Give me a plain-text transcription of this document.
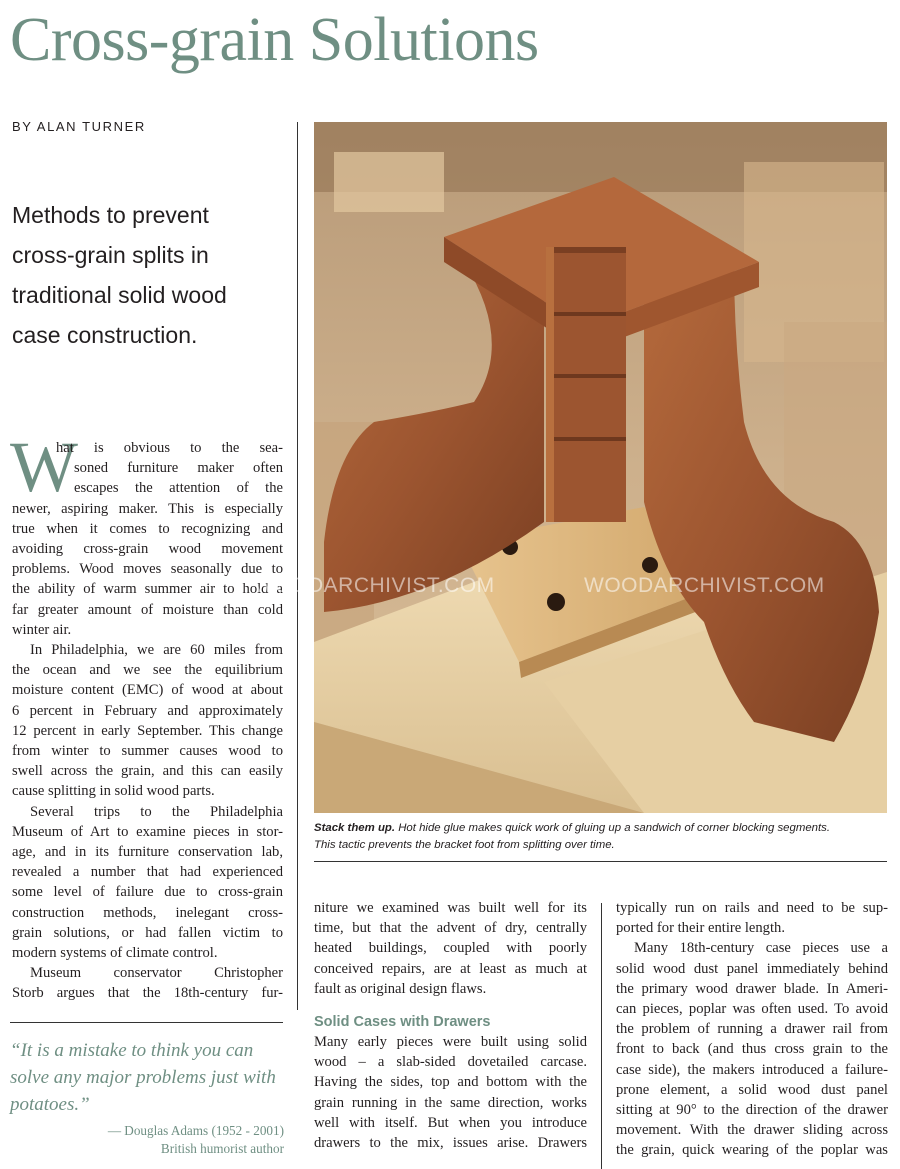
Cross-grain Solutions
BY ALAN TURNER
Methods to prevent
cross-grain splits in
traditional solid wood
case construction.
W
hat is obvious to the sea-
soned furniture maker often
escapes the attention of the
newer, aspiring maker. This is especially
true when it comes to recognizing and
avoiding cross-grain wood movement
problems. Wood moves seasonally due to
the ability of warm summer air to hold a
far greater amount of moisture than cold
winter air.
In Philadelphia, we are 60 miles from
the ocean and we see the equilibrium
moisture content (EMC) of wood at about
6 percent in February and approximately
12 percent in early September. This change
from winter to summer causes wood to
swell across the grain, and this can easily
cause splitting in solid wood parts.
Several trips to the Philadelphia
Museum of Art to examine pieces in stor-
age, and in its furniture conservation lab,
revealed a number that had experienced
some level of failure due to cross-grain
construction methods, inelegant cross-
grain solutions, or had fallen victim to
modern systems of climate control.
Museum conservator Christopher
Storb argues that the 18th-century fur-
WOODARCHIVIST.COM	WOODARCHIVIST.COM
Stack them up. Hot hide glue makes quick work of gluing up a sandwich of corner blocking segments.
This tactic prevents the bracket foot from splitting over time.
niture we examined was built well for its
time, but that the advent of dry, centrally
heated buildings, coupled with poorly
conceived repairs, are at least as much at
fault as original design flaws.
Solid Cases with Drawers
Many early pieces were built using solid
wood – a slab-sided dovetailed carcase.
Having the sides, top and bottom with the
grain running in the same direction, works
well with itself. But when you introduce
drawers to the mix, issues arise. Drawers
typically run on rails and need to be sup-
ported for their entire length.
Many 18th-century case pieces use a
solid wood dust panel immediately behind
the primary wood drawer blade. In Ameri-
can pieces, poplar was often used. To avoid
the problem of running a drawer rail from
front to back (and thus cross grain to the
case side), the makers introduced a failure-
prone element, a solid wood dust panel
sitting at 90° to the direction of the drawer
movement. With the drawer sliding across
the grain, quick wearing of the poplar was
“It is a mistake to think you can
solve any major problems just with
potatoes.”
— Douglas Adams (1952 - 2001)
British humorist author
